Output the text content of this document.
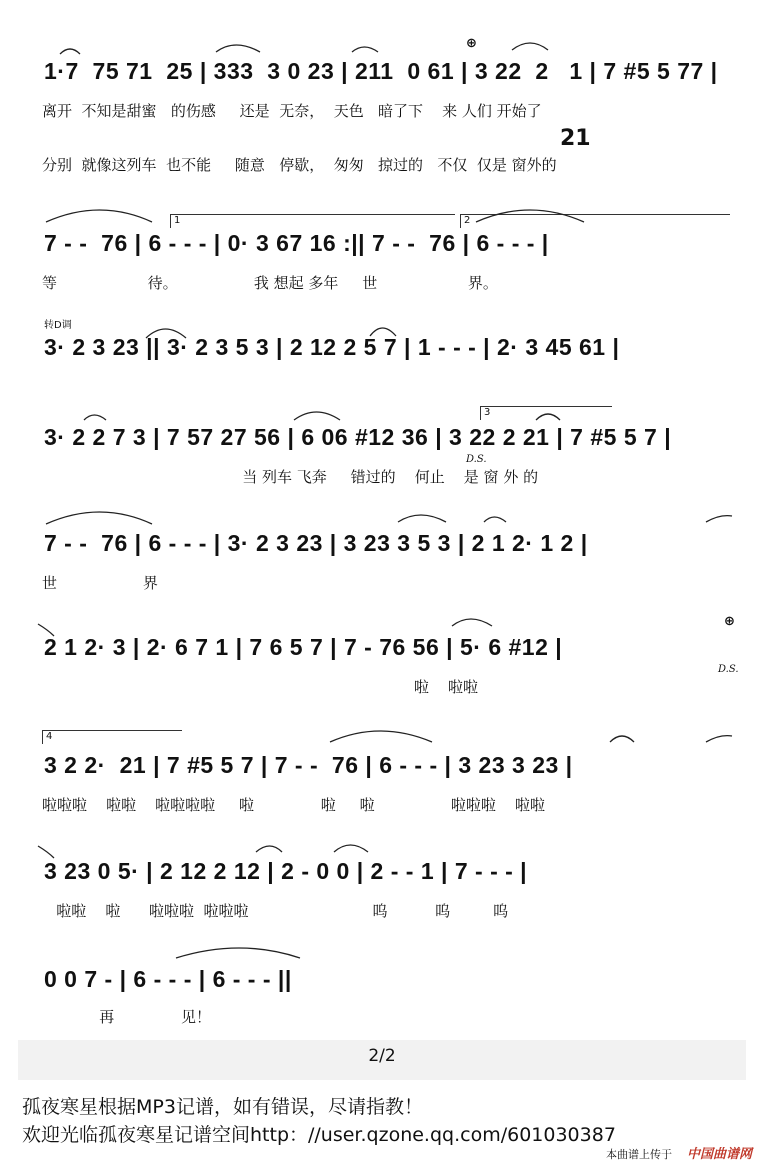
1·7  75 71  25 | 333  3 0 23 | 211  0 61 | 3 22  2   1 | 7 #5 5 77 |
21
⊕
离开  不知是甜蜜   的伤感     还是  无奈，  天色   暗了下    来 人们 开始了
分别  就像这列车  也不能     随意   停歇，  匆匆   掠过的   不仅  仅是 窗外的
1	2
7 - -  76 | 6 - - - | 0· 3 67 16 :|| 7 - -  76 | 6 - - - |
等                   待。                我 想起 多年     世                   界。
转D调
3· 2 3 23 || 3· 2 3 5 3 | 2 12 2 5 7 | 1 - - - | 2· 3 45 61 |
3
3· 2 2 7 3 | 7 57 27 56 | 6 06 #12 36 | 3 22 2 21 | 7 #5 5 7 |
D.S.
当 列车 飞奔     错过的    何止    是 窗 外 的
7 - -  76 | 6 - - - | 3· 2 3 23 | 3 23 3 5 3 | 2 1 2· 1 2 |
世                  界
2 1 2· 3 | 2· 6 7 1 | 7 6 5 7 | 7 - 76 56 | 5· 6 #12 |
⊕
D.S.
啦    啦啦
4
3 2 2·  21 | 7 #5 5 7 | 7 - -  76 | 6 - - - | 3 23 3 23 |
啦啦啦    啦啦    啦啦啦啦     啦              啦     啦                啦啦啦    啦啦
3 23 0 5· | 2 12 2 12 | 2 - 0 0 | 2 - - 1 | 7 - - - |
啦啦    啦      啦啦啦  啦啦啦                          呜          呜         呜
0 0 7 - | 6 - - - | 6 - - - ||
再              见！
2/2
孤夜寒星根据MP3记谱，如有错误，尽请指教！
欢迎光临孤夜寒星记谱空间http：//user.qzone.qq.com/601030387
本曲谱上传于 中国曲谱网
